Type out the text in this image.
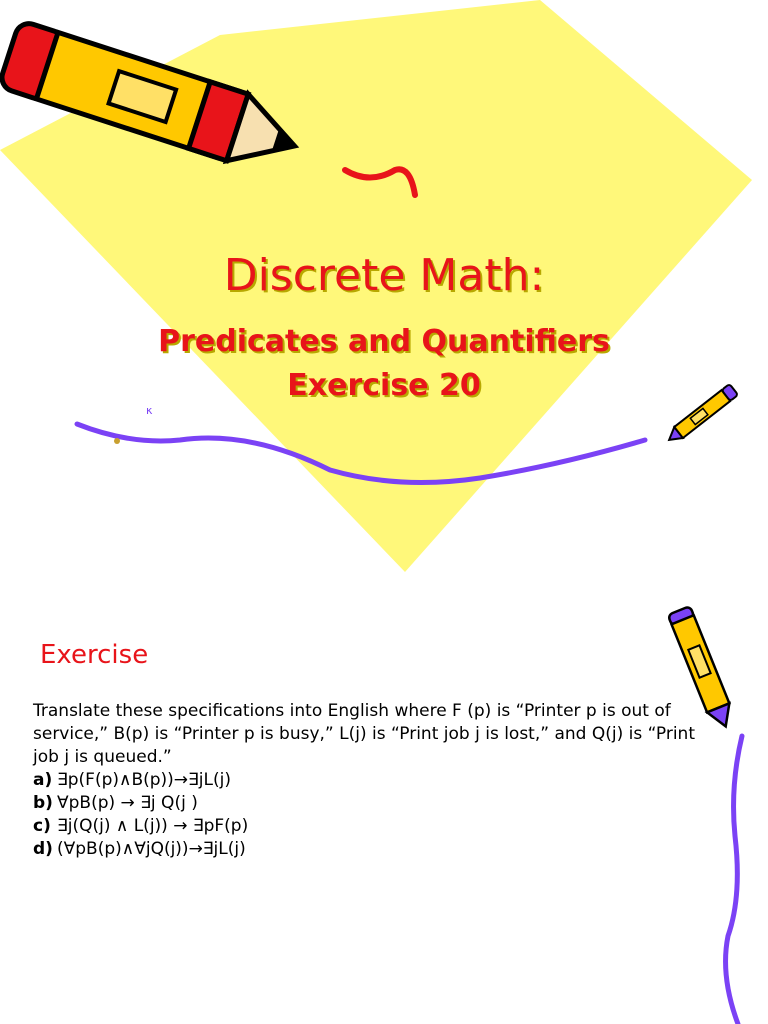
κ
Discrete Math:
Predicates and Quantifiers
Exercise 20
Exercise
Translate these specifications into English where F (p) is “Printer p is out of service,” B(p) is “Printer p is busy,” L(j) is “Print job j is lost,” and Q(j) is “Print job j is queued.”
a) ∃p(F(p)∧B(p))→∃jL(j)
b) ∀pB(p) → ∃j Q(j )
c) ∃j(Q(j) ∧ L(j)) → ∃pF(p)
d) (∀pB(p)∧∀jQ(j))→∃jL(j)
